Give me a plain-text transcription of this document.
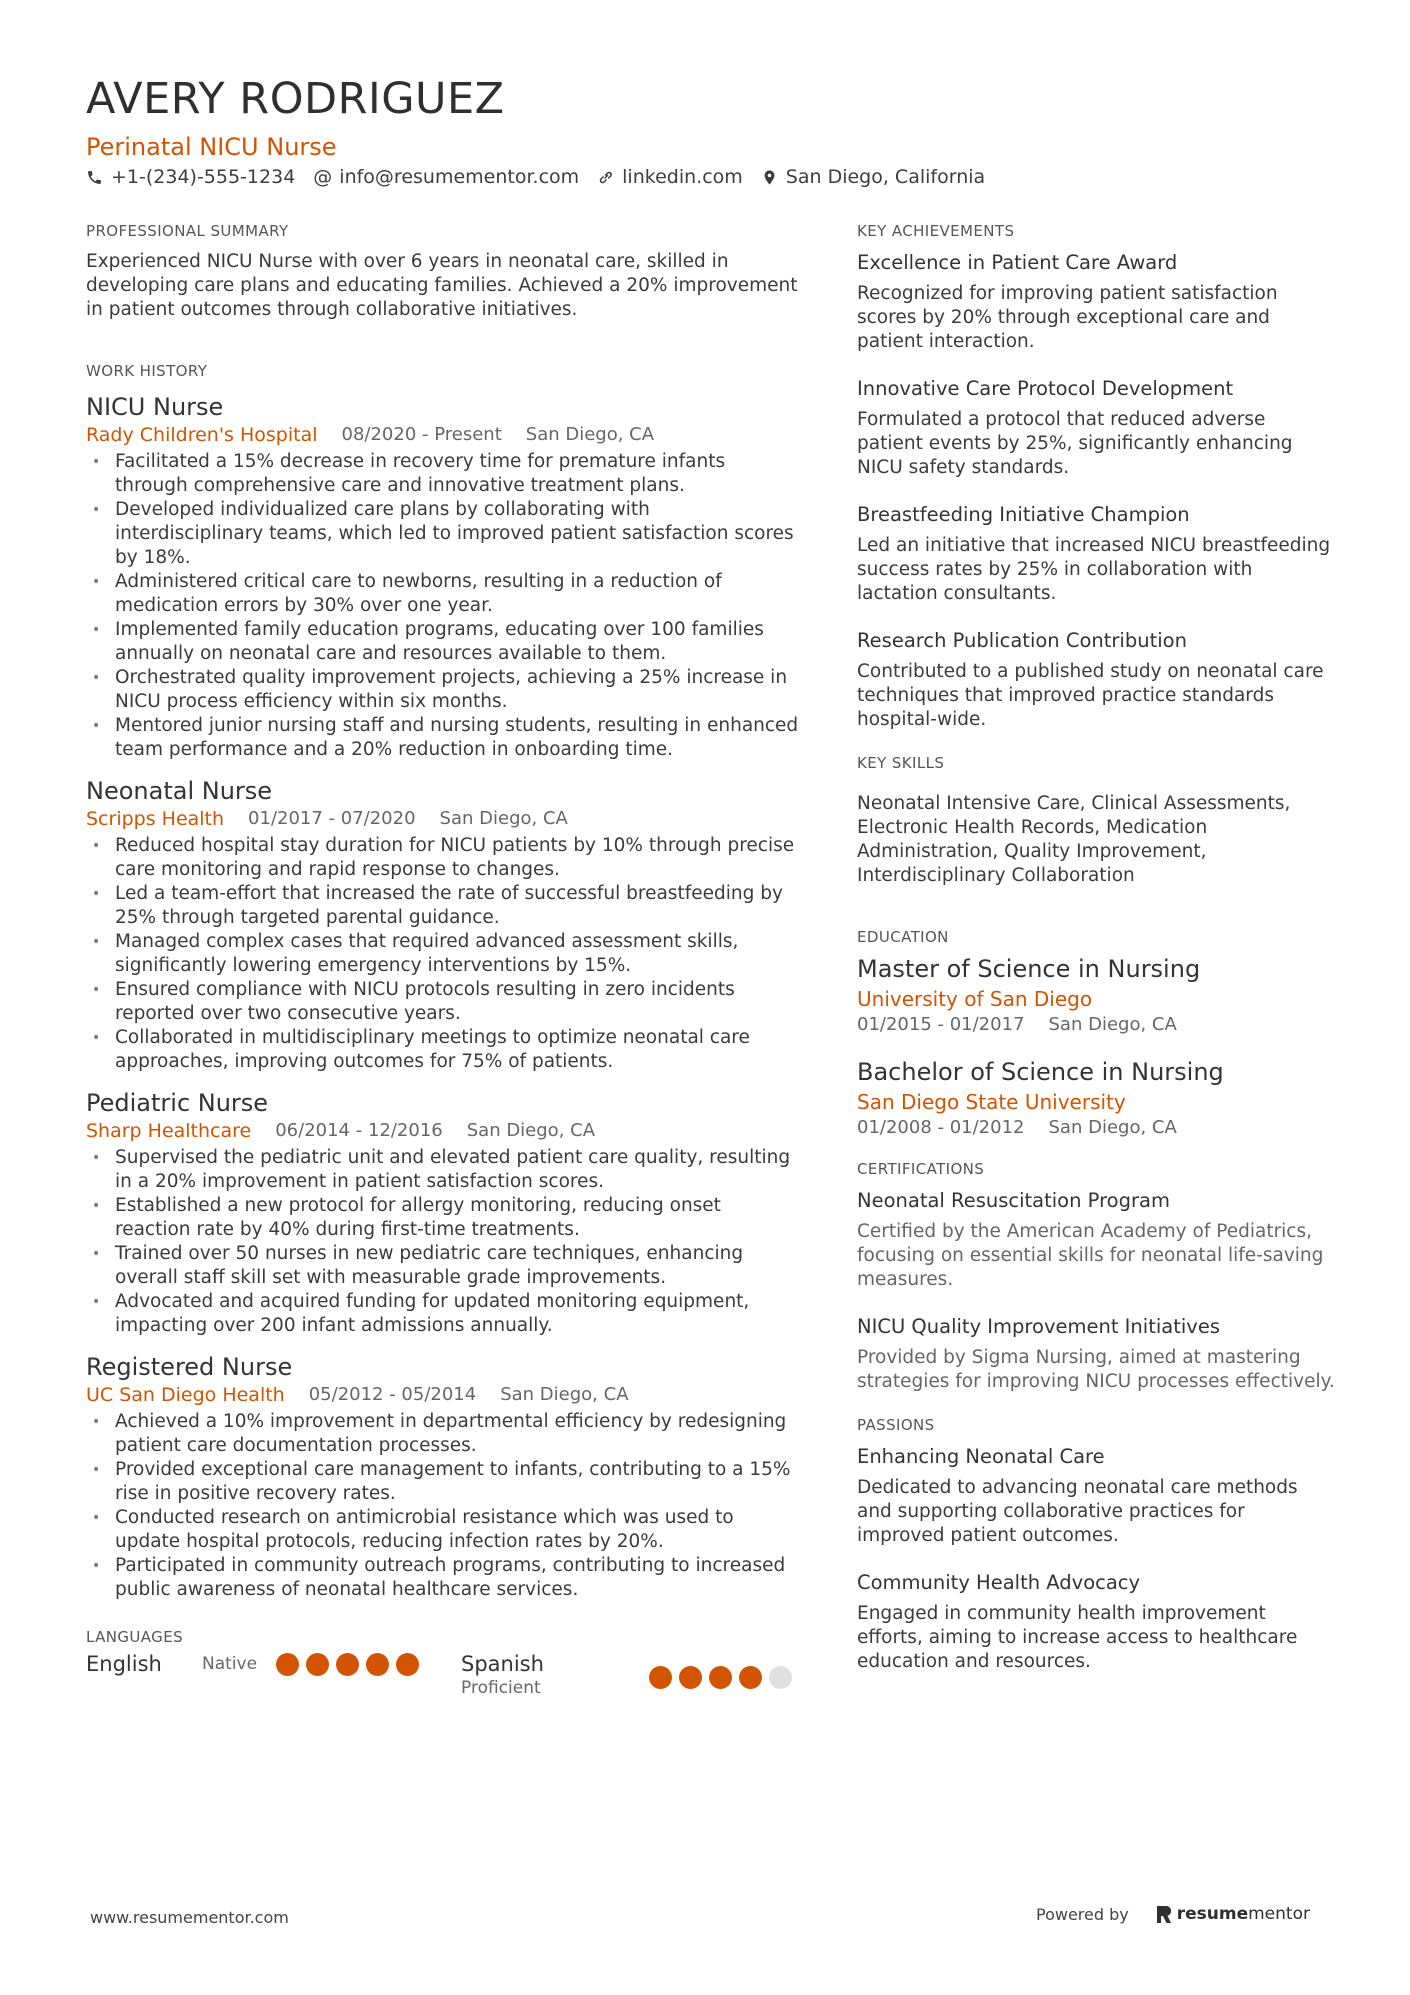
AVERY RODRIGUEZ
Perinatal NICU Nurse
+1-(234)-555-1234 @ info@resumementor.com linkedin.com San Diego, California
PROFESSIONAL SUMMARY

Experienced NICU Nurse with over 6 years in neonatal care, skilled in developing care plans and educating families. Achieved a 20% improvement in patient outcomes through collaborative initiatives.

WORK HISTORY
NICU Nurse
Rady Children's Hospital 08/2020 - Present San Diego, CA
• Facilitated a 15% decrease in recovery time for premature infants through comprehensive care and innovative treatment plans.
• Developed individualized care plans by collaborating with interdisciplinary teams, which led to improved patient satisfaction scores by 18%.
• Administered critical care to newborns, resulting in a reduction of medication errors by 30% over one year.
• Implemented family education programs, educating over 100 families annually on neonatal care and resources available to them.
• Orchestrated quality improvement projects, achieving a 25% increase in NICU process efficiency within six months.
• Mentored junior nursing staff and nursing students, resulting in enhanced team performance and a 20% reduction in onboarding time.
Neonatal Nurse
Scripps Health 01/2017 - 07/2020 San Diego, CA
• Reduced hospital stay duration for NICU patients by 10% through precise care monitoring and rapid response to changes.
• Led a team-effort that increased the rate of successful breastfeeding by 25% through targeted parental guidance.
• Managed complex cases that required advanced assessment skills, significantly lowering emergency interventions by 15%.
• Ensured compliance with NICU protocols resulting in zero incidents reported over two consecutive years.
• Collaborated in multidisciplinary meetings to optimize neonatal care approaches, improving outcomes for 75% of patients.
Pediatric Nurse
Sharp Healthcare 06/2014 - 12/2016 San Diego, CA
• Supervised the pediatric unit and elevated patient care quality, resulting in a 20% improvement in patient satisfaction scores.
• Established a new protocol for allergy monitoring, reducing onset reaction rate by 40% during first-time treatments.
• Trained over 50 nurses in new pediatric care techniques, enhancing overall staff skill set with measurable grade improvements.
• Advocated and acquired funding for updated monitoring equipment, impacting over 200 infant admissions annually.
Registered Nurse
UC San Diego Health 05/2012 - 05/2014 San Diego, CA
• Achieved a 10% improvement in departmental efficiency by redesigning patient care documentation processes.
• Provided exceptional care management to infants, contributing to a 15% rise in positive recovery rates.
• Conducted research on antimicrobial resistance which was used to update hospital protocols, reducing infection rates by 20%.
• Participated in community outreach programs, contributing to increased public awareness of neonatal healthcare services.
LANGUAGES
English	Native	Spanish
Proficient
KEY ACHIEVEMENTS
Excellence in Patient Care Award

Recognized for improving patient satisfaction scores by 20% through exceptional care and patient interaction.

Innovative Care Protocol Development

Formulated a protocol that reduced adverse patient events by 25%, significantly enhancing NICU safety standards.

Breastfeeding Initiative Champion

Led an initiative that increased NICU breastfeeding success rates by 25% in collaboration with lactation consultants.

Research Publication Contribution

Contributed to a published study on neonatal care techniques that improved practice standards hospital-wide.

KEY SKILLS

Neonatal Intensive Care, Clinical Assessments, Electronic Health Records, Medication Administration, Quality Improvement, Interdisciplinary Collaboration

EDUCATION
Master of Science in Nursing
University of San Diego
01/2015 - 01/2017 San Diego, CA
Bachelor of Science in Nursing
San Diego State University
01/2008 - 01/2012 San Diego, CA
CERTIFICATIONS
Neonatal Resuscitation Program

Certified by the American Academy of Pediatrics, focusing on essential skills for neonatal life-saving measures.

NICU Quality Improvement Initiatives

Provided by Sigma Nursing, aimed at mastering strategies for improving NICU processes effectively.

PASSIONS
Enhancing Neonatal Care

Dedicated to advancing neonatal care methods and supporting collaborative practices for improved patient outcomes.

Community Health Advocacy

Engaged in community health improvement efforts, aiming to increase access to healthcare education and resources.

www.resumementor.com	Powered by	resume mentor
